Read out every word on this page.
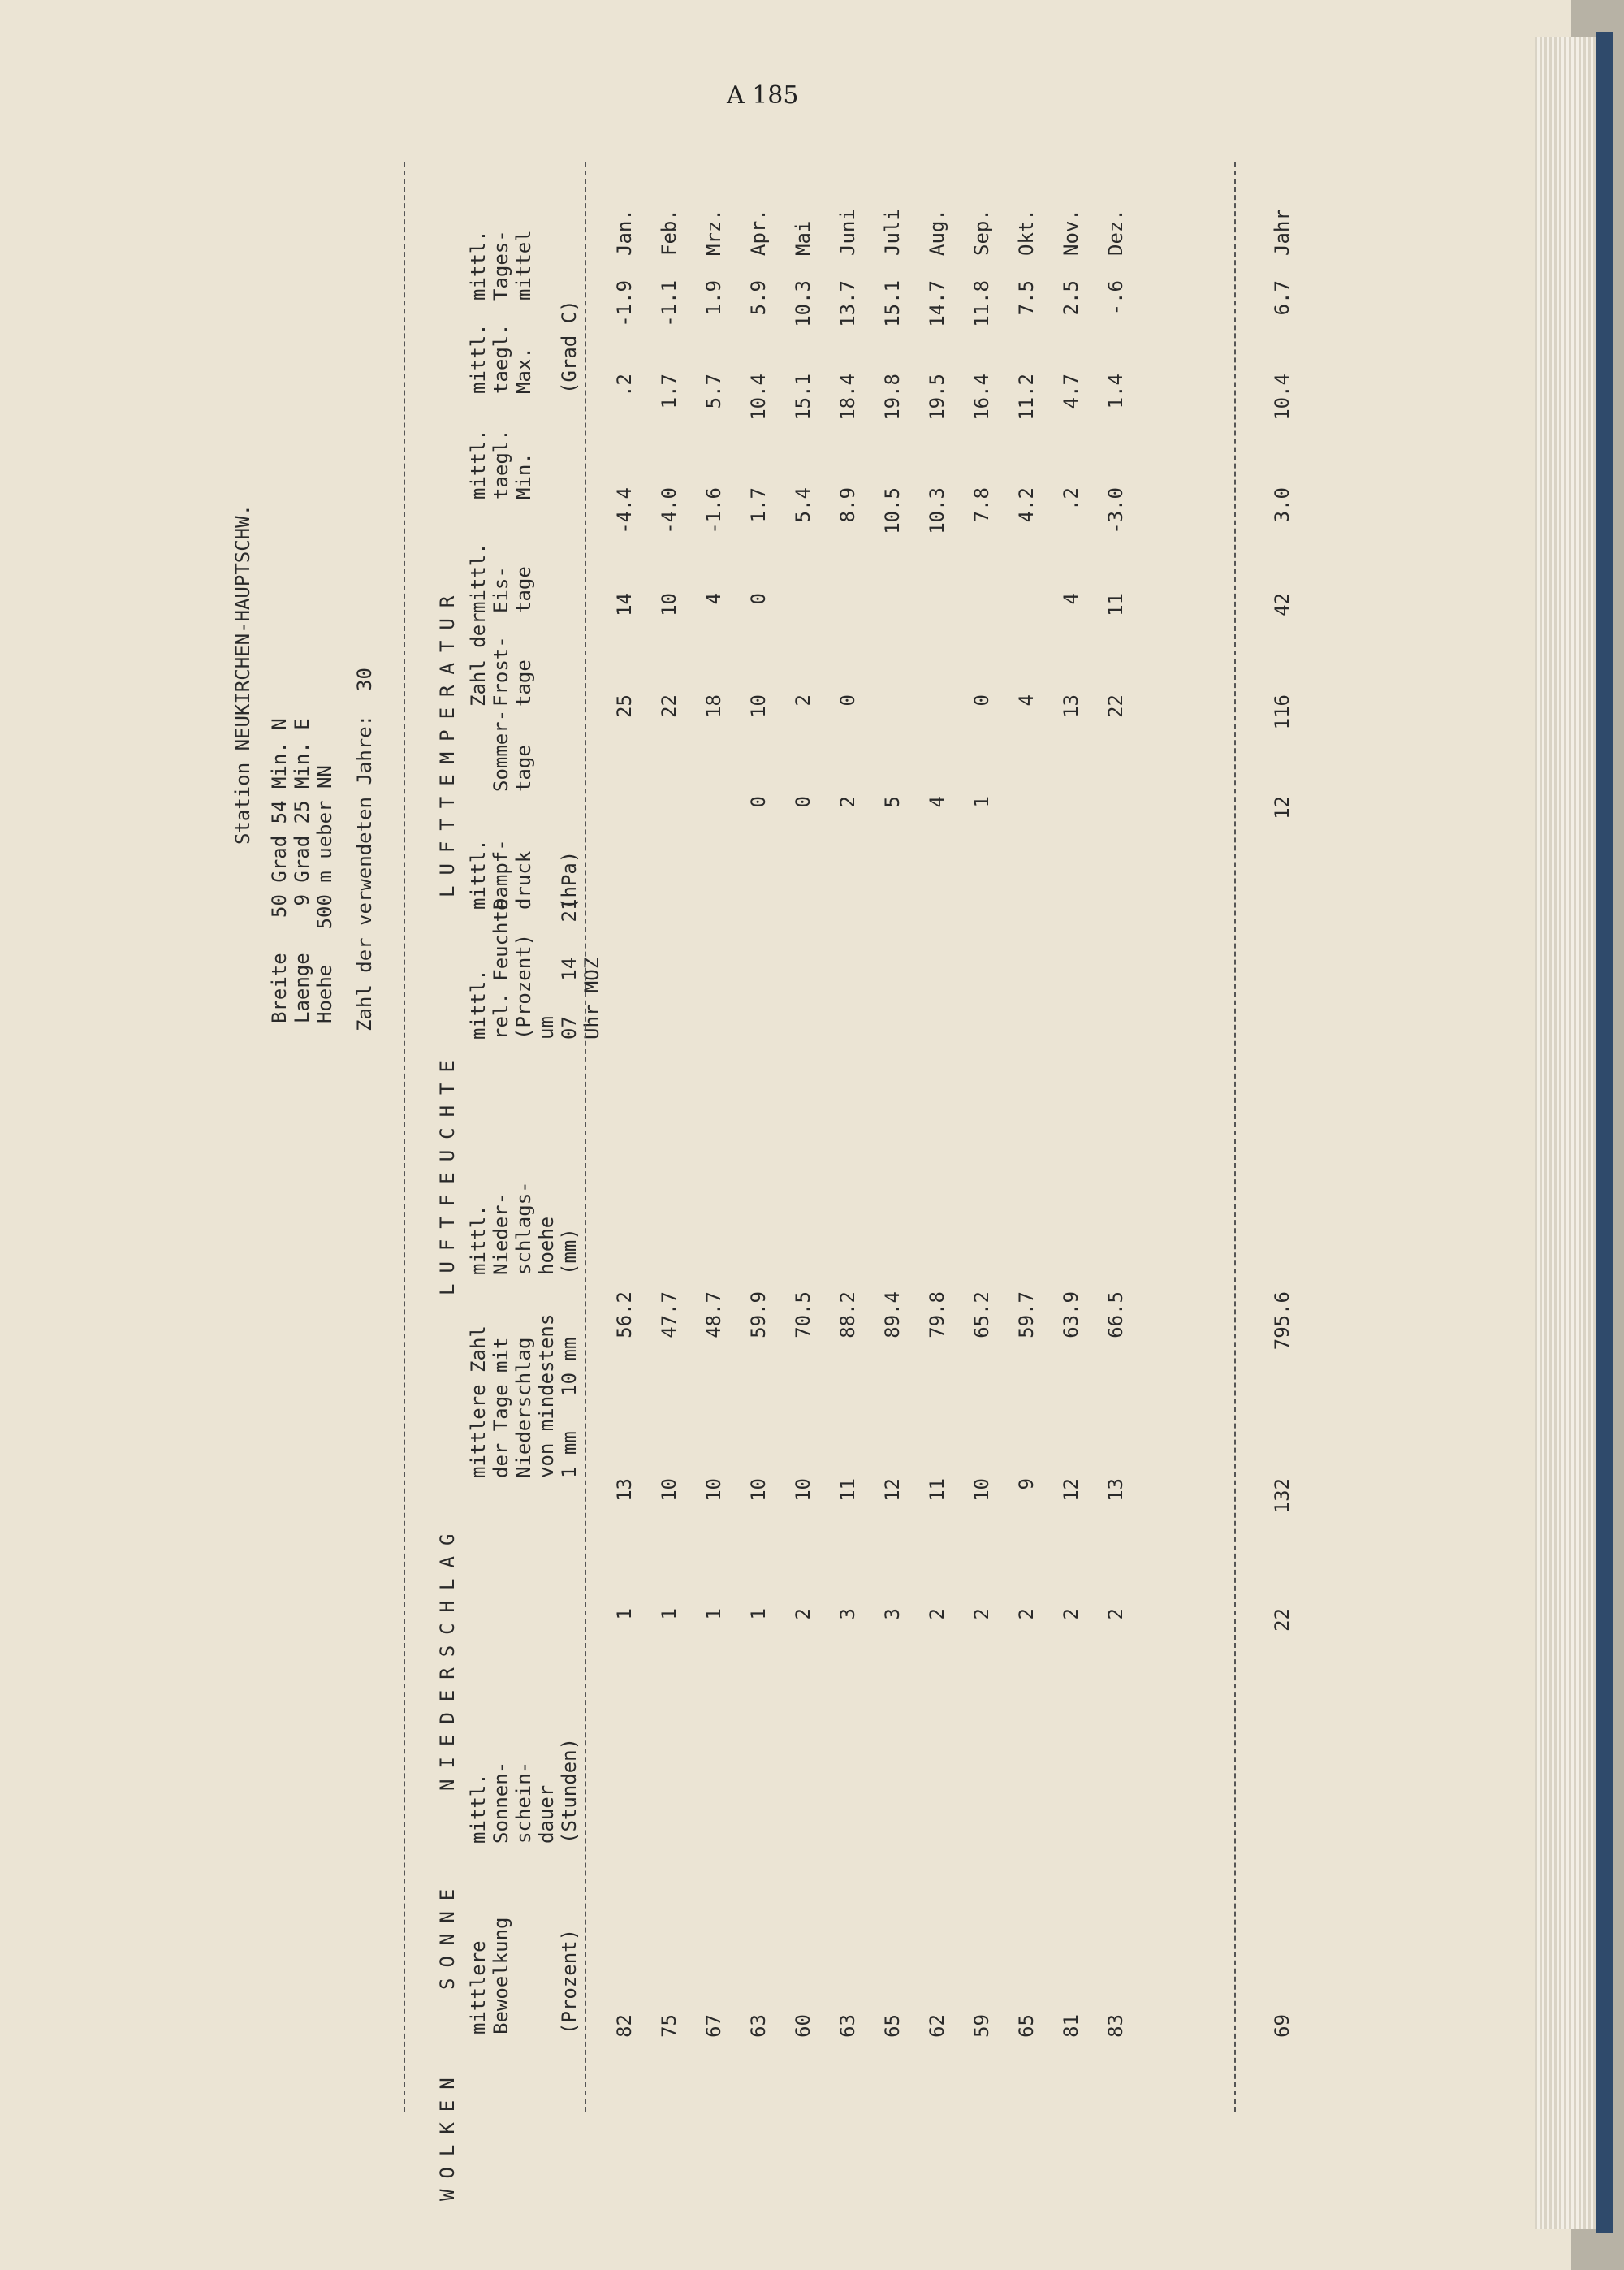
A 185
Station NEUKIRCHEN-HAUPTSCHW.
Breite   50 Grad 54 Min. N Laenge    9 Grad 25 Min. E Hoehe   500 m ueber NN Zahl der verwendeten Jahre:  30	LUFTTEMPERATUR
LUFTFEUCHTE
NIEDERSCHLAG
SONNE
WOLKEN
mittl.
Tages-
mittel
mittl.
taegl.
Max.

(Grad C)
mittl.
taegl.
Min.
mittl.
Eis-
tage
Zahl der
Frost-
tage

Sommer-
tage
mittl.
Dampf-
druck

(hPa)
mittl.
rel. Feuchte
(Prozent)
um
07   14   21
Uhr MOZ
mittl.
Nieder-
schlags-
hoehe
(mm)
mittlere Zahl
der Tage mit
Niederschlag
von mindestens
1 mm   10 mm
mittl.
Sonnen-
schein-
dauer
(Stunden)
mittlere
Bewoelkung

(Prozent)
Jan.
-1.9
.2
-4.4
14
25
56.2
13
1
82
Feb.
-1.1
1.7
-4.0
10
22
47.7
10
1
75
Mrz.
1.9
5.7
-1.6
4
18
48.7
10
1
67
Apr.
5.9
10.4
1.7
0
10
0
59.9
10
1
63
Mai
10.3
15.1
5.4
2
0
70.5
10
2
60
Juni
13.7
18.4
8.9
0
2
88.2
11
3
63
Juli
15.1
19.8
10.5
5
89.4
12
3
65
Aug.
14.7
19.5
10.3
4
79.8
11
2
62
Sep.
11.8
16.4
7.8
0
1
65.2
10
2
59
Okt.
7.5
11.2
4.2
4
59.7
9
2
65
Nov.
2.5
4.7
.2
4
13
63.9
12
2
81
Dez.
-.6
1.4
-3.0
11
22
66.5
13
2
83
Jahr
6.7
10.4
3.0
42
116
12
795.6
132
22
69
